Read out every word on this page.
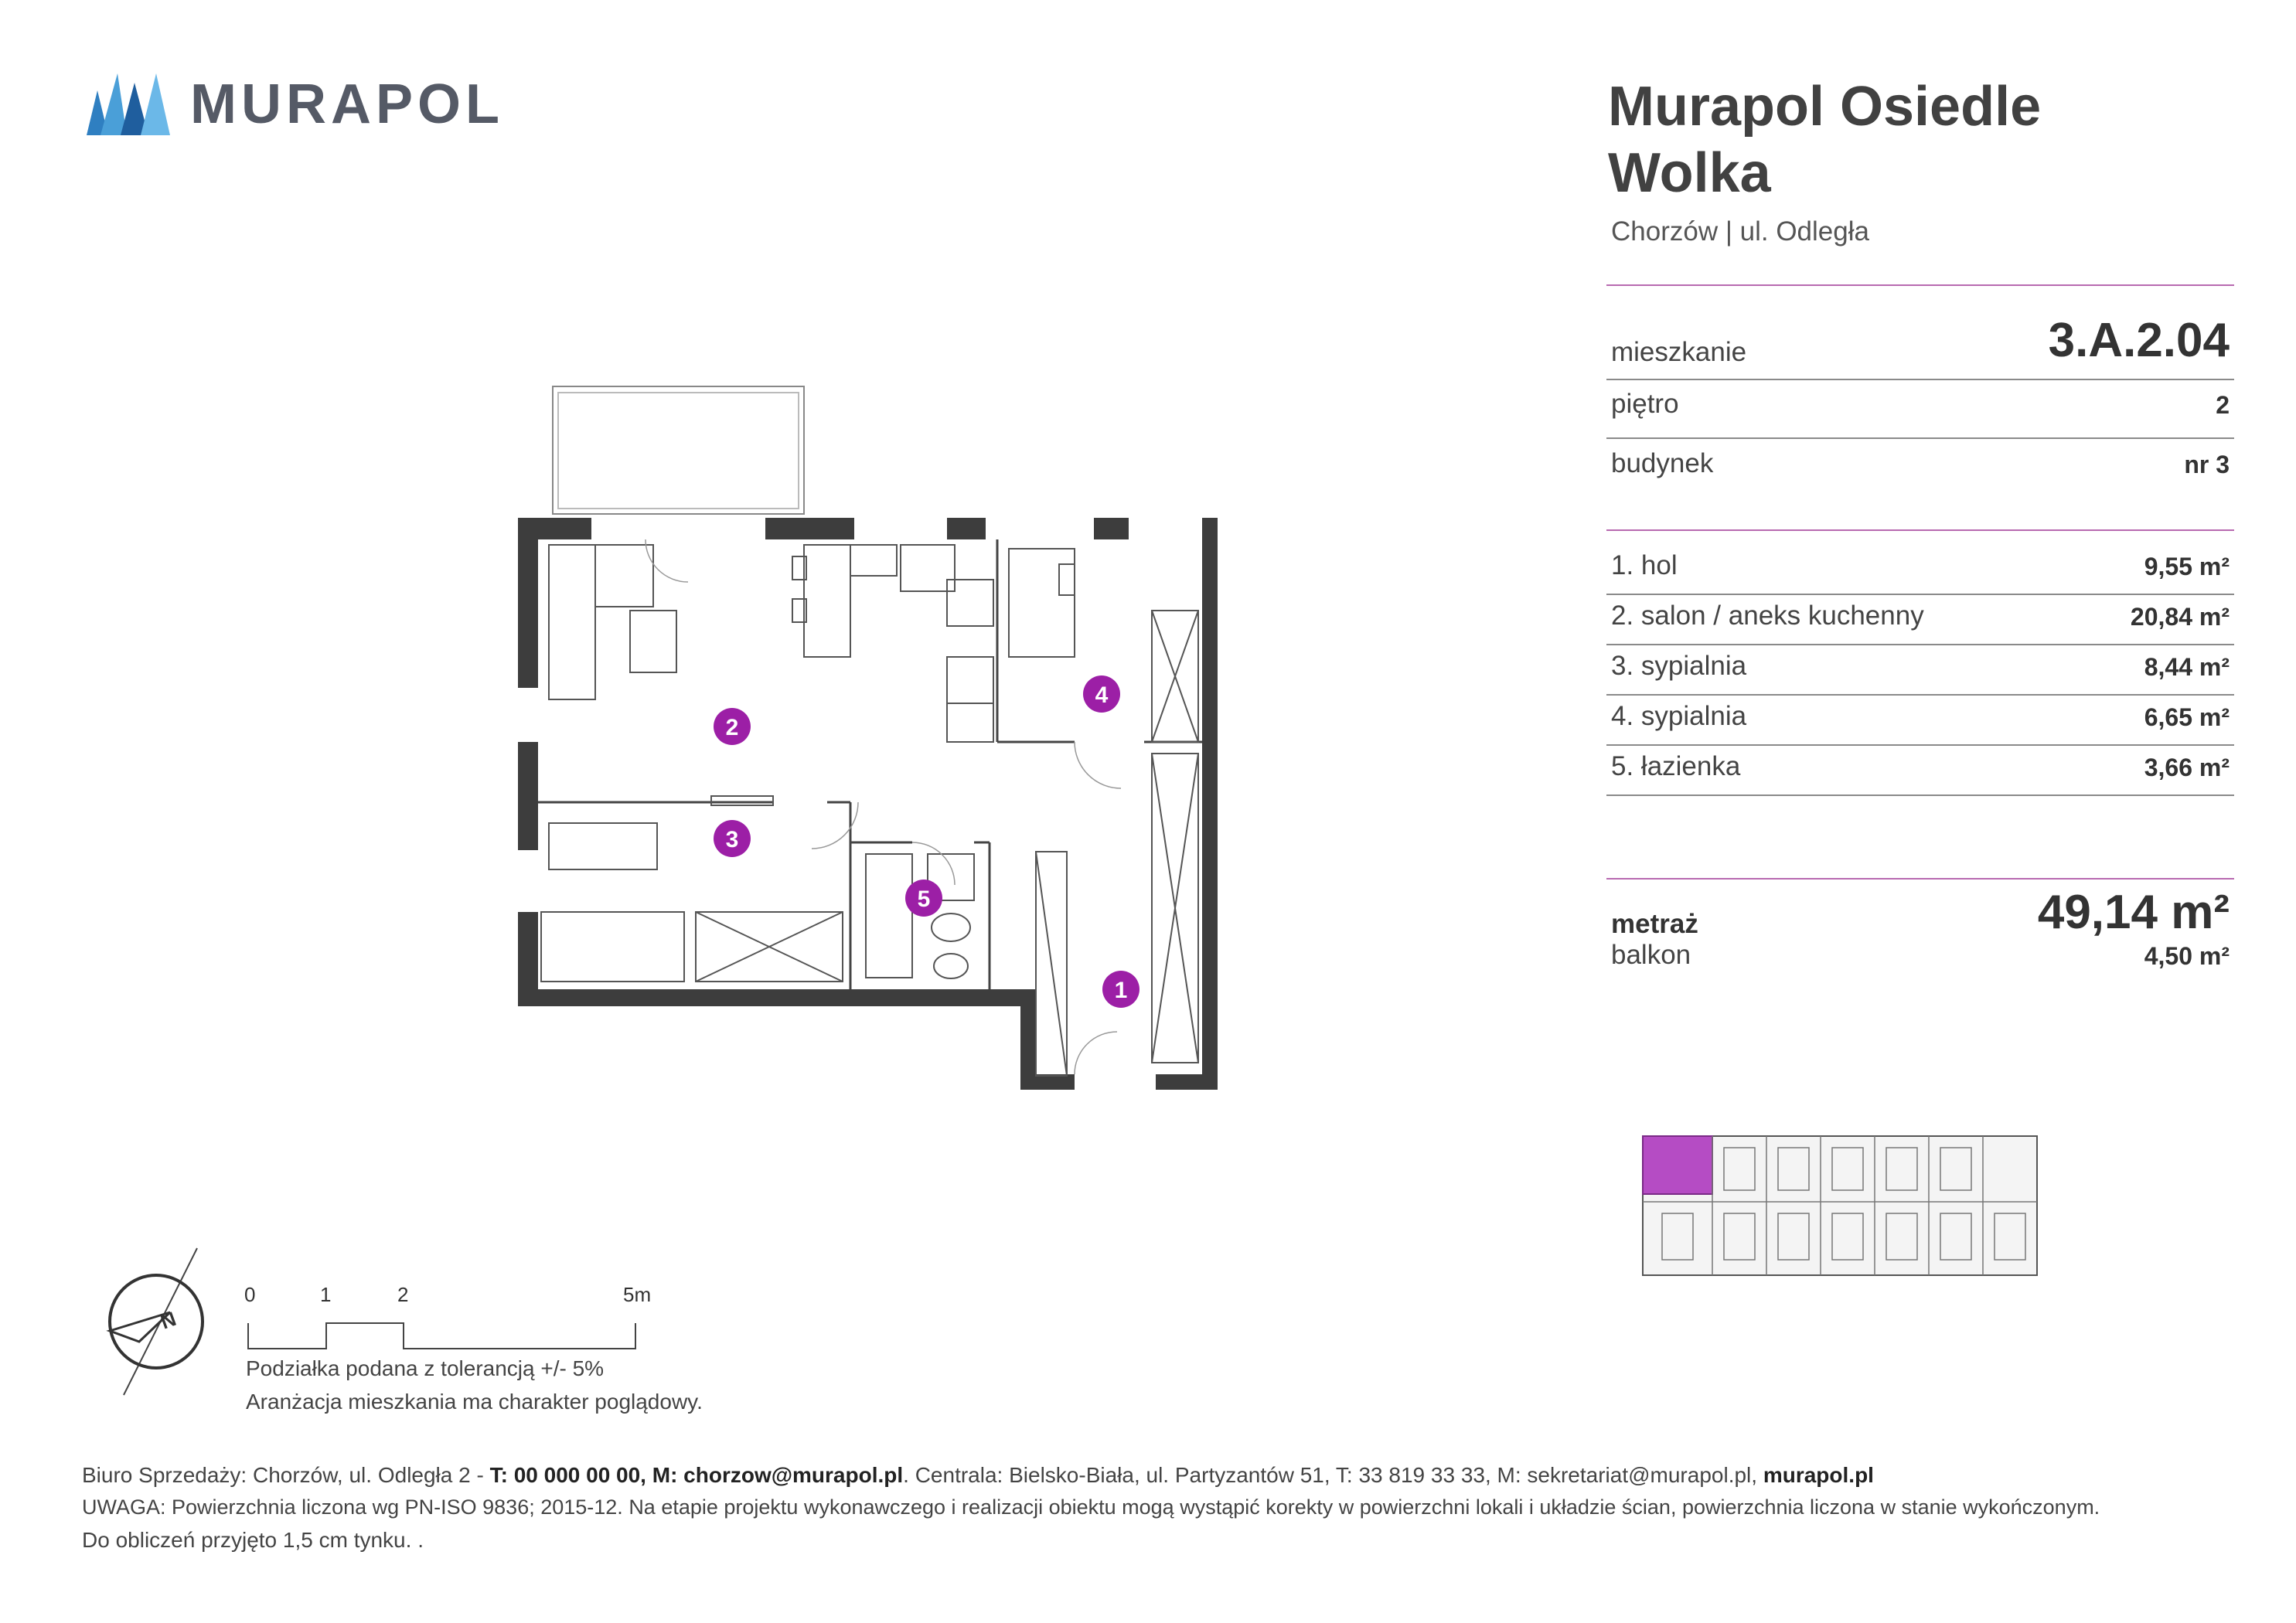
MURAPOL	Murapol Osiedle
Wolka
Chorzów | ul. Odległa
mieszkanie	3.A.2.04
piętro	2
budynek	nr 3
1. hol	9,55 m²
2. salon / aneks kuchenny	20,84 m²
3. sypialnia	8,44 m²
4. sypialnia	6,65 m²
5. łazienka	3,66 m²
metraż	49,14 m²
balkon	4,50 m²
1
2
3
4
5
N
0	1	2	5m
Podziałka podana z tolerancją +/- 5%
Aranżacja mieszkania ma charakter poglądowy.
Biuro Sprzedaży: Chorzów, ul. Odległa 2 - T: 00 000 00 00, M: chorzow@murapol.pl. Centrala: Bielsko-Biała, ul. Partyzantów 51, T: 33 819 33 33, M: sekretariat@murapol.pl, murapol.pl
UWAGA: Powierzchnia liczona wg PN-ISO 9836; 2015-12. Na etapie projektu wykonawczego i realizacji obiektu mogą wystąpić korekty w powierzchni lokali i układzie ścian, powierzchnia liczona w stanie wykończonym.
Do obliczeń przyjęto 1,5 cm tynku. .
